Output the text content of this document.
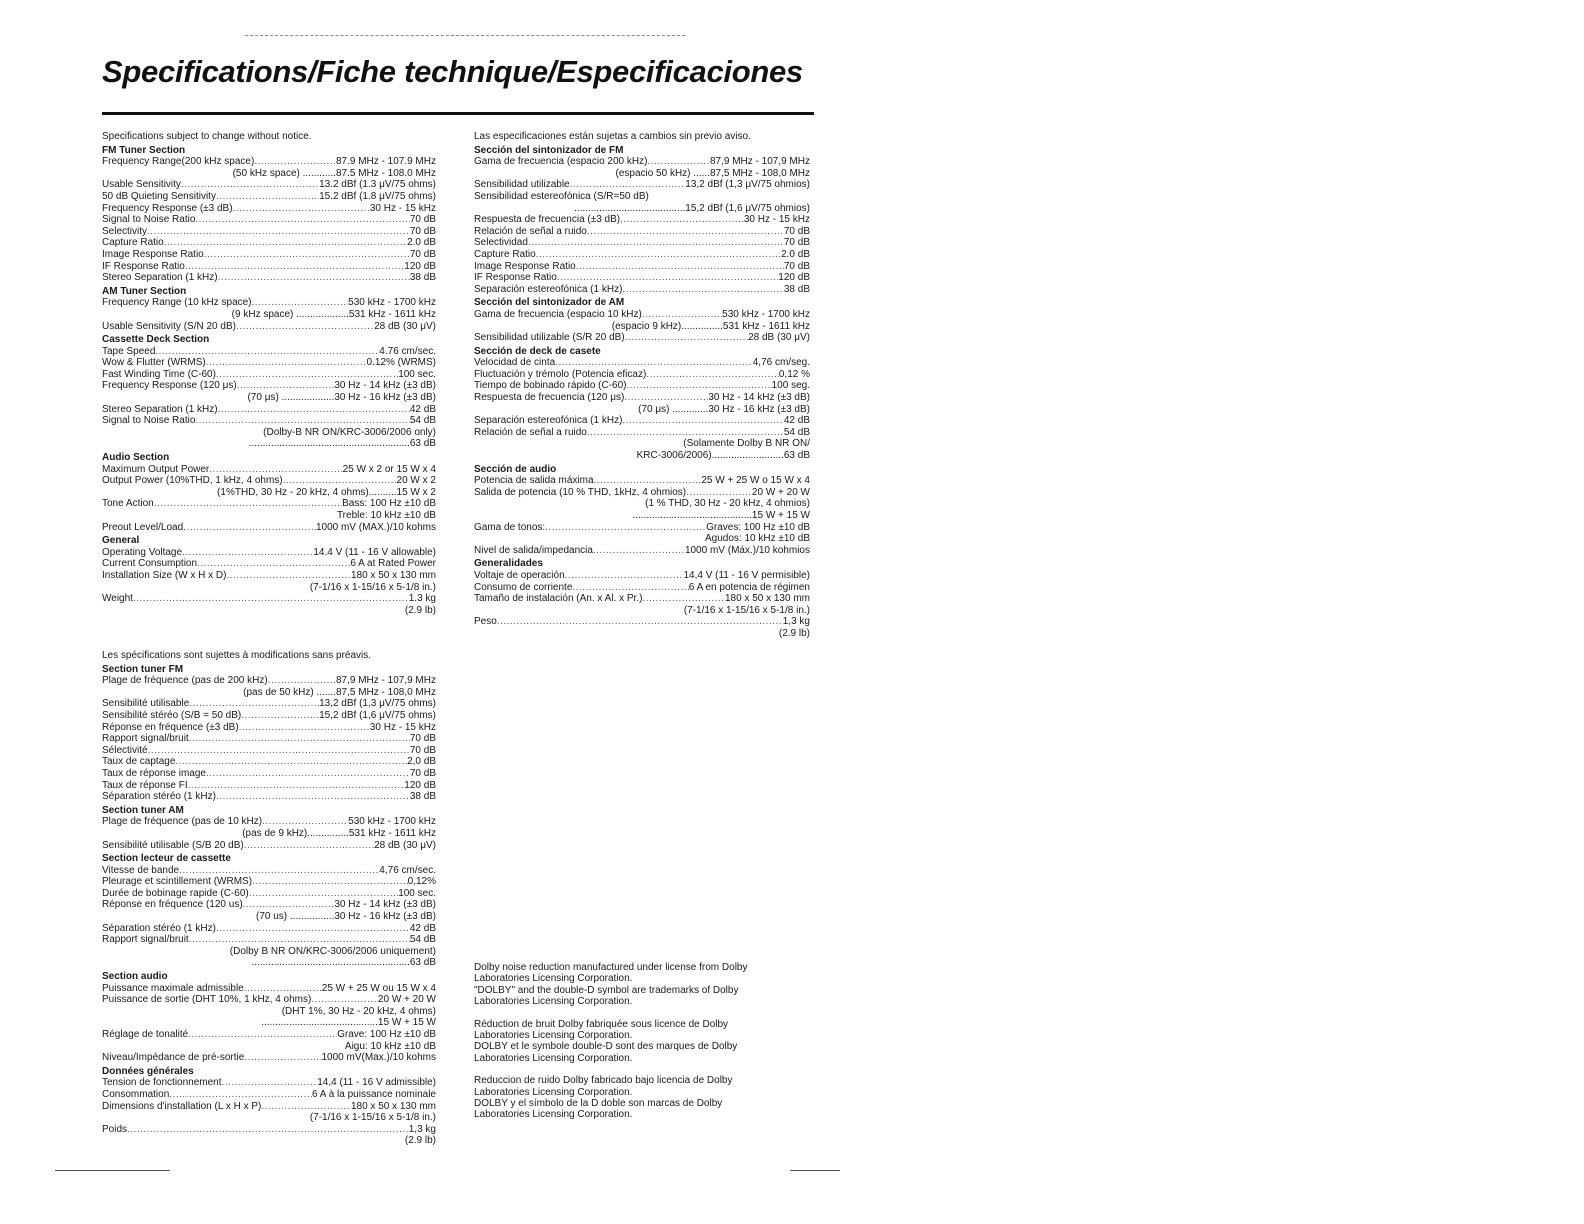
Specifications/Fiche technique/Especificaciones

Specifications subject to change without notice.

FM Tuner Section
Frequency Range(200 kHz space) .....	87.9 MHz - 107.9 MHz
(50 kHz space) ............87.5 MHz - 108.0 MHz
Usable Sensitivity .....	13.2 dBf (1.3 μV/75 ohms)
50 dB Quieting Sensitivity .....	15.2 dBf (1.8 μV/75 ohms)
Frequency Response (±3 dB) .....	30 Hz - 15 kHz
Signal to Noise Ratio .....	70 dB
Selectivity .....	70 dB
Capture Ratio .....	2.0 dB
Image Response Ratio .....	70 dB
IF Response Ratio .....	120 dB
Stereo Separation (1 kHz) .....	38 dB
AM Tuner Section
Frequency Range (10 kHz space) .....	530 kHz - 1700 kHz
(9 kHz space) ...................531 kHz - 1611 kHz
Usable Sensitivity (S/N 20 dB) .....	28 dB (30 μV)
Cassette Deck Section
Tape Speed .....	4.76 cm/sec.
Wow & Flutter (WRMS) .....	0.12% (WRMS)
Fast Winding Time (C-60) .....	100 sec.
Frequency Response (120 μs) .....	30 Hz - 14 kHz (±3 dB)
(70 μs) ...................30 Hz - 16 kHz (±3 dB)
Stereo Separation (1 kHz) .....	42 dB
Signal to Noise Ratio .....	54 dB
(Dolby-B NR ON/KRC-3006/2006 only)
..........................................................63 dB
Audio Section
Maximum Output Power .....	25 W x 2 or 15 W x 4
Output Power (10%THD, 1 kHz, 4 ohms) .....	20 W x 2
(1%THD, 30 Hz - 20 kHz, 4 ohms)..........15 W x 2
Tone Action .....	Bass: 100 Hz ±10 dB
Treble: 10 kHz ±10 dB
Preout Level/Load .....	1000 mV (MAX.)/10 kohms
General
Operating Voltage .....	14.4 V (11 - 16 V allowable)
Current Consumption .....	6 A at Rated Power
Installation Size (W x H x D) .....	180 x 50 x 130 mm
(7-1/16 x 1-15/16 x 5-1/8 in.)
Weight .....	1.3 kg
(2.9 lb)

Las especificaciones están sujetas a cambios sin previo aviso.

Sección del sintonizador de FM
Gama de frecuencia (espacio 200 kHz) .....	87,9 MHz - 107,9 MHz
(espacio 50 kHz) ......87,5 MHz - 108,0 MHz
Sensibilidad utilizable .....	13,2 dBf (1,3 μV/75 ohmios)
Sensibilidad estereofónica (S/R=50 dB)
........................................15,2 dBf (1,6 μV/75 ohmios)
Respuesta de frecuencia (±3 dB) .....	30 Hz - 15 kHz
Relación de señal a ruido .....	70 dB
Selectividad .....	70 dB
Capture Ratio .....	2.0 dB
Image Response Ratio .....	70 dB
IF Response Ratio .....	120 dB
Separación estereofónica (1 kHz) .....	38 dB
Sección del sintonizador de AM
Gama de frecuencia (espacio 10 kHz) .....	530 kHz - 1700 kHz
(espacio 9 kHz)...............531 kHz - 1611 kHz
Sensibilidad utilizable (S/R 20 dB) .....	28 dB (30 μV)
Sección de deck de casete
Velocidad de cinta .....	4,76 cm/seg.
Fluctuación y trémolo (Potencia eficaz) .....	0,12 %
Tiempo de bobinado rápido (C-60) .....	100 seg.
Respuesta de frecuencia (120 μs) .....	30 Hz - 14 kHz (±3 dB)
(70 μs) .............30 Hz - 16 kHz (±3 dB)
Separación estereofónica (1 kHz) .....	42 dB
Relación de señal a ruido .....	54 dB
(Solamente Dolby B NR ON/
KRC-3006/2006)..........................63 dB
Sección de audio
Potencia de salida máxima .....	25 W + 25 W o 15 W x 4
Salida de potencia (10 % THD, 1kHz, 4 ohmios) .....	20 W + 20 W
(1 % THD, 30 Hz - 20 kHz, 4 ohmios)
...........................................15 W + 15 W
Gama de tonos: .....	Graves: 100 Hz ±10 dB
Agudos: 10 kHz ±10 dB
Nivel de salida/impedancia .....	1000 mV (Máx.)/10 kohmios
Generalidades
Voltaje de operación .....	14,4 V (11 - 16 V permisible)
Consumo de corriente .....	6 A en potencia de régimen
Tamaño de instalación (An. x Al. x Pr.) .....	180 x 50 x 130 mm
(7-1/16 x 1-15/16 x 5-1/8 in.)
Peso .....	1,3 kg
(2.9 lb)

Les spécifications sont sujettes à modifications sans préavis.

Section tuner FM
Plage de fréquence (pas de 200 kHz) .....	87,9 MHz - 107,9 MHz
(pas de 50 kHz) .......87,5 MHz - 108,0 MHz
Sensibilité utilisable .....	13,2 dBf (1,3 μV/75 ohms)
Sensibilité stéréo (S/B = 50 dB) .....	15,2 dBf (1,6 μV/75 ohms)
Réponse en fréquence (±3 dB) .....	30 Hz - 15 kHz
Rapport signal/bruit .....	70 dB
Sélectivité .....	70 dB
Taux de captage .....	2,0 dB
Taux de réponse image .....	70 dB
Taux de réponse FI .....	120 dB
Séparation stéréo (1 kHz) .....	38 dB
Section tuner AM
Plage de fréquence (pas de 10 kHz) .....	530 kHz - 1700 kHz
(pas de 9 kHz)...............531 kHz - 1611 kHz
Sensibilité utilisable (S/B 20 dB) .....	28 dB (30 μV)
Section lecteur de cassette
Vitesse de bande .....	4,76 cm/sec.
Pleurage et scintillement (WRMS) .....	0,12%
Durée de bobinage rapide (C-60) .....	100 sec.
Réponse en fréquence (120 us) .....	30 Hz - 14 kHz (±3 dB)
(70 us) ................30 Hz - 16 kHz (±3 dB)
Séparation stéréo (1 kHz) .....	42 dB
Rapport signal/bruit .....	54 dB
(Dolby B NR ON/KRC-3006/2006 uniquement)
.........................................................63 dB
Section audio
Puissance maximale admissible .....	25 W + 25 W ou 15 W x 4
Puissance de sortie (DHT 10%, 1 kHz, 4 ohms) .....	20 W + 20 W
(DHT 1%, 30 Hz - 20 kHz, 4 ohms)
..........................................15 W + 15 W
Réglage de tonalité .....	Grave: 100 Hz ±10 dB
Aigu: 10 kHz ±10 dB
Niveau/Impédance de pré-sortie .....	1000 mV(Max.)/10 kohms
Données générales
Tension de fonctionnement .....	14,4 (11 - 16 V admissible)
Consommation .....	6 A à la puissance nominale
Dimensions d'installation (L x H x P) .....	180 x 50 x 130 mm
(7-1/16 x 1-15/16 x 5-1/8 in.)
Poids .....	1,3 kg
(2.9 lb)
Dolby noise reduction manufactured under license from Dolby
Laboratories Licensing Corporation.
"DOLBY" and the double-D symbol are trademarks of Dolby
Laboratories Licensing Corporation.
Réduction de bruit Dolby fabriquée sous licence de Dolby
Laboratories Licensing Corporation.
DOLBY et le symbole double-D sont des marques de Dolby
Laboratories Licensing Corporation.
Reduccion de ruido Dolby fabricado bajo licencia de Dolby
Laboratories Licensing Corporation.
DOLBY y el símbolo de la D doble son marcas de Dolby
Laboratories Licensing Corporation.
